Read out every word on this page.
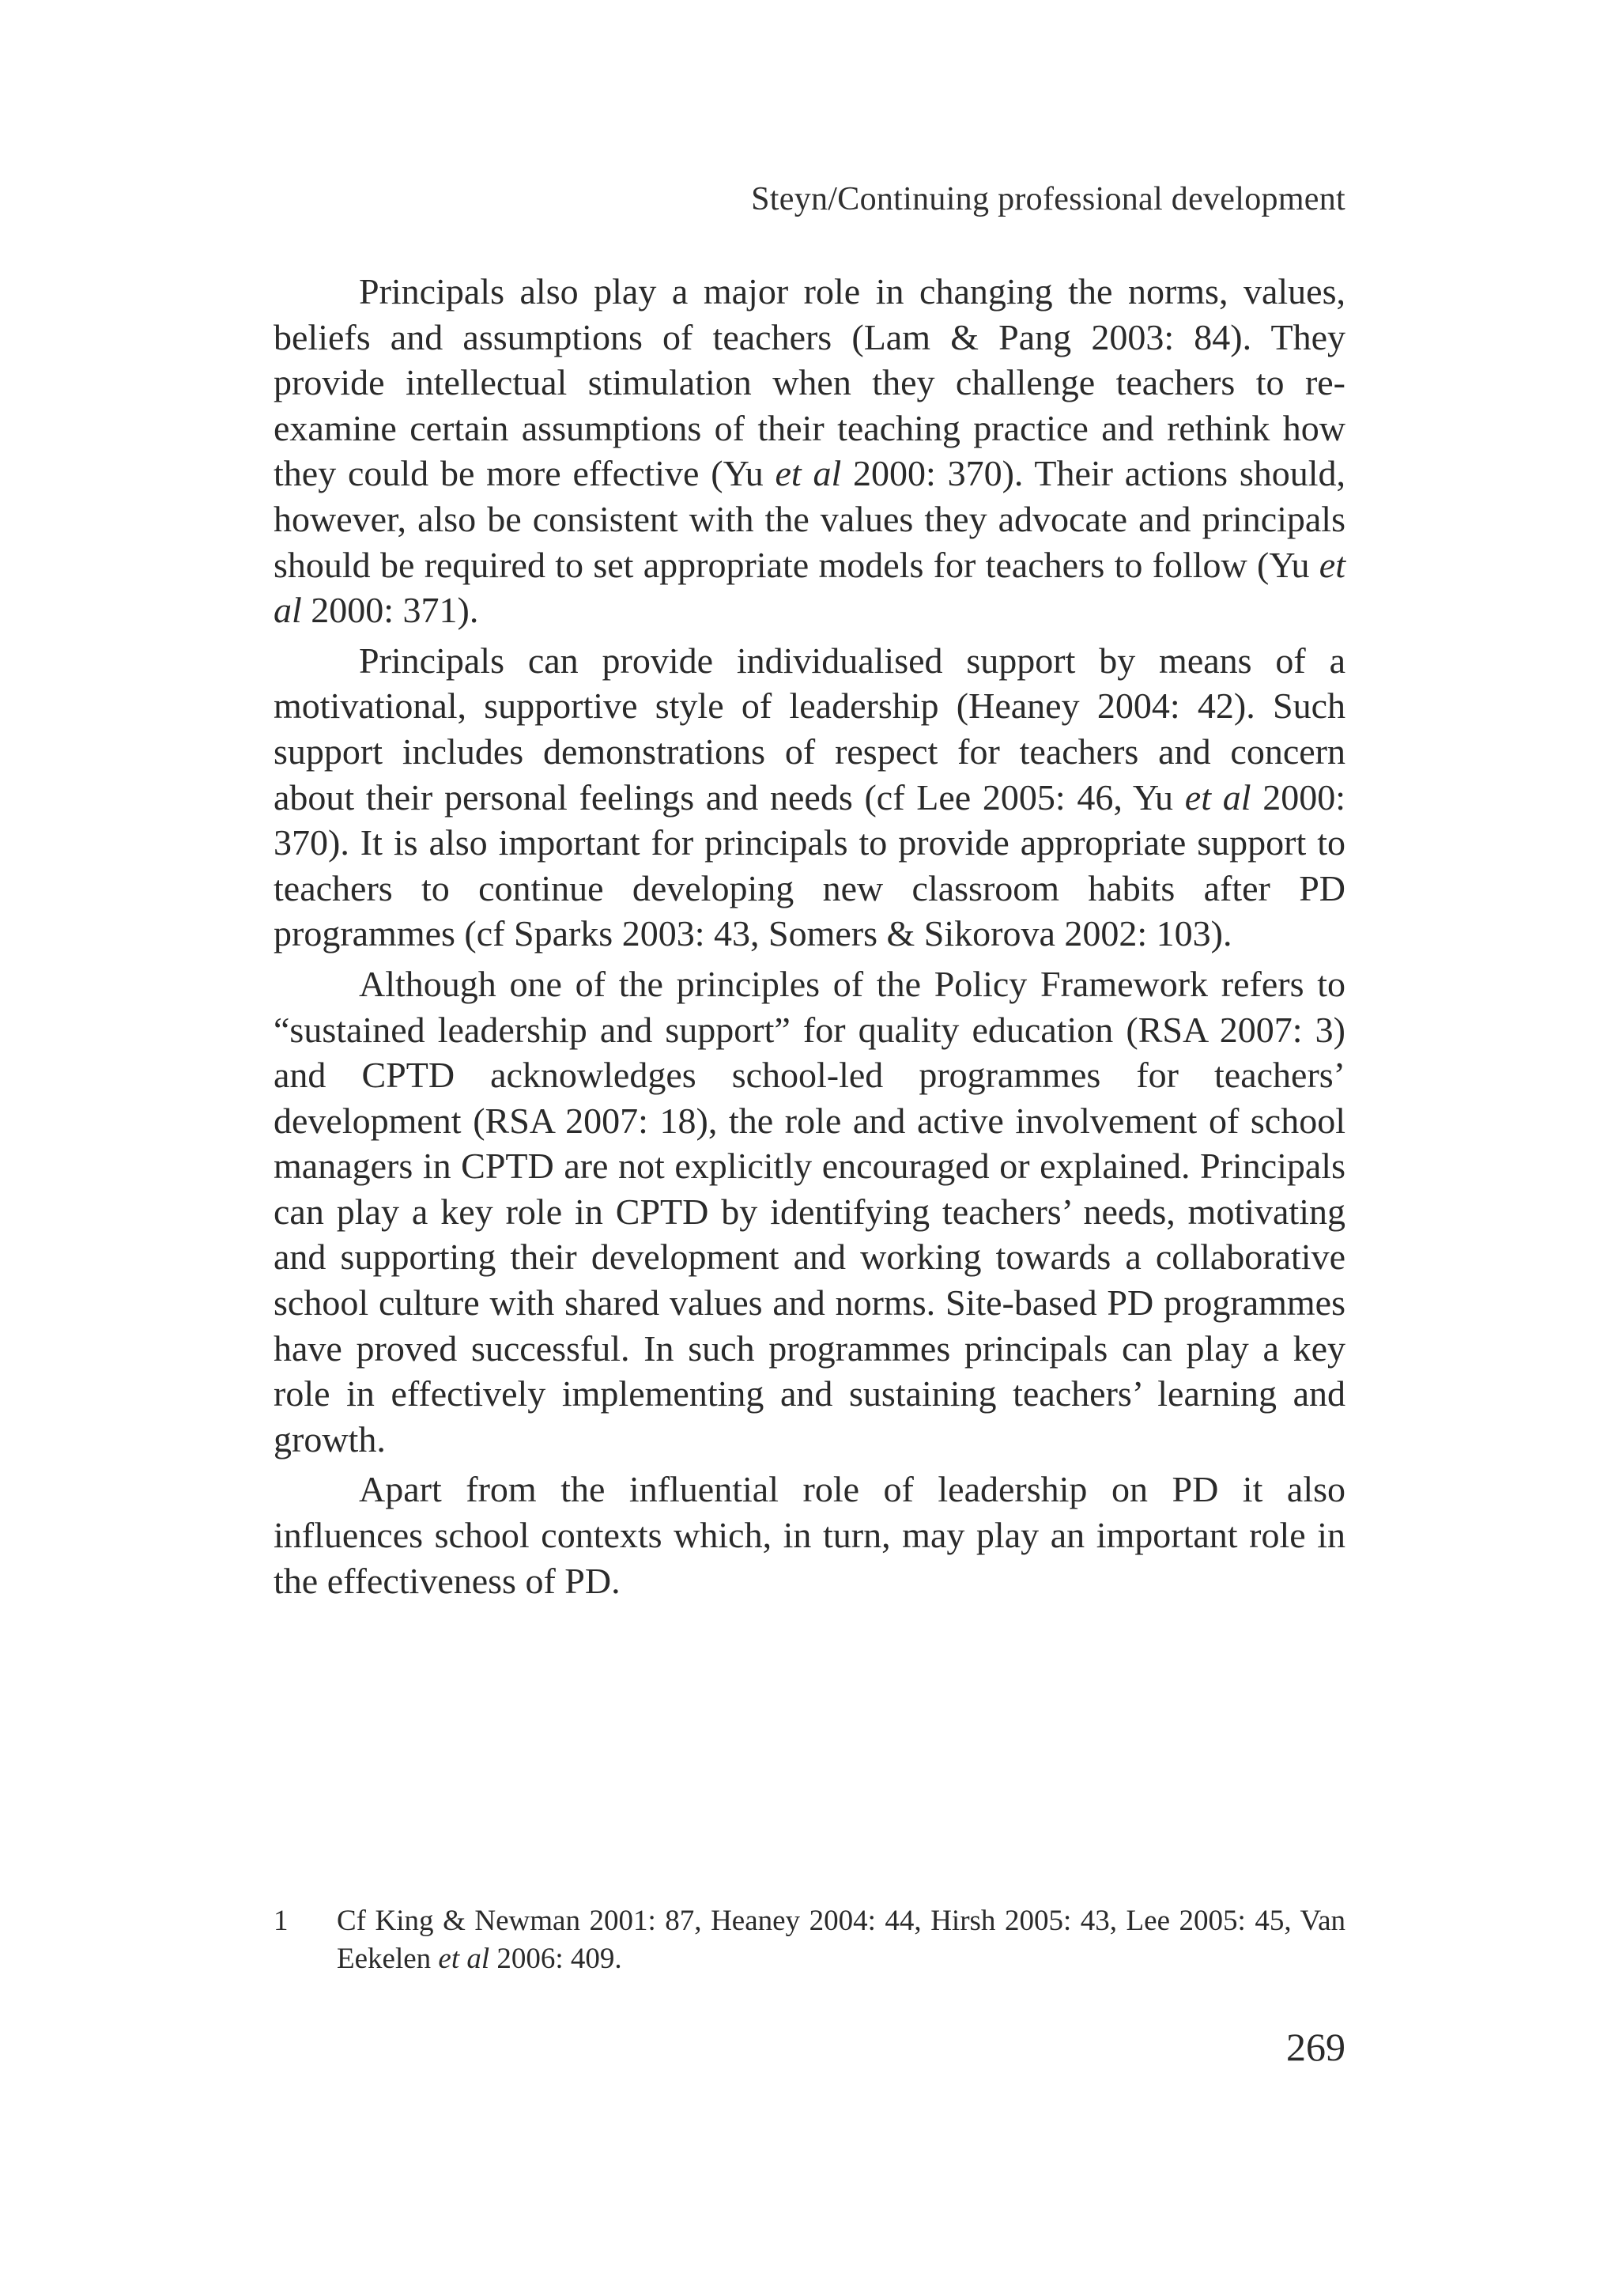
Steyn/Continuing professional development

Principals also play a major role in changing the norms, values, beliefs and assumptions of teachers (Lam & Pang 2003: 84). They provide intellectual stimulation when they challenge teachers to re-examine certain assumptions of their teaching practice and rethink how they could be more effective (Yu et al 2000: 370). Their actions should, however, also be consistent with the values they advocate and principals should be required to set appropriate models for teachers to follow (Yu et al 2000: 371).

Principals can provide individualised support by means of a motivational, supportive style of leadership (Heaney 2004: 42). Such support includes demonstrations of respect for teachers and concern about their personal feelings and needs (cf Lee 2005: 46, Yu et al 2000: 370). It is also important for principals to provide appropriate support to teachers to continue developing new classroom habits after PD programmes (cf Sparks 2003: 43, Somers & Sikorova 2002: 103).

Although one of the principles of the Policy Framework refers to “sustained leadership and support” for quality education (RSA 2007: 3) and CPTD acknowledges school-led programmes for teachers’ development (RSA 2007: 18), the role and active involvement of school managers in CPTD are not explicitly encouraged or explained. Principals can play a key role in CPTD by identifying teachers’ needs, motivating and supporting their development and working towards a collaborative school culture with shared values and norms. Site-based PD programmes have proved successful. In such programmes principals can play a key role in effectively implementing and sustaining teachers’ learning and growth.

Apart from the influential role of leadership on PD it also influences school contexts which, in turn, may play an important role in the effectiveness of PD.

1	Cf King & Newman 2001: 87, Heaney 2004: 44, Hirsh 2005: 43, Lee 2005: 45, Van Eekelen et al 2006: 409.
269
